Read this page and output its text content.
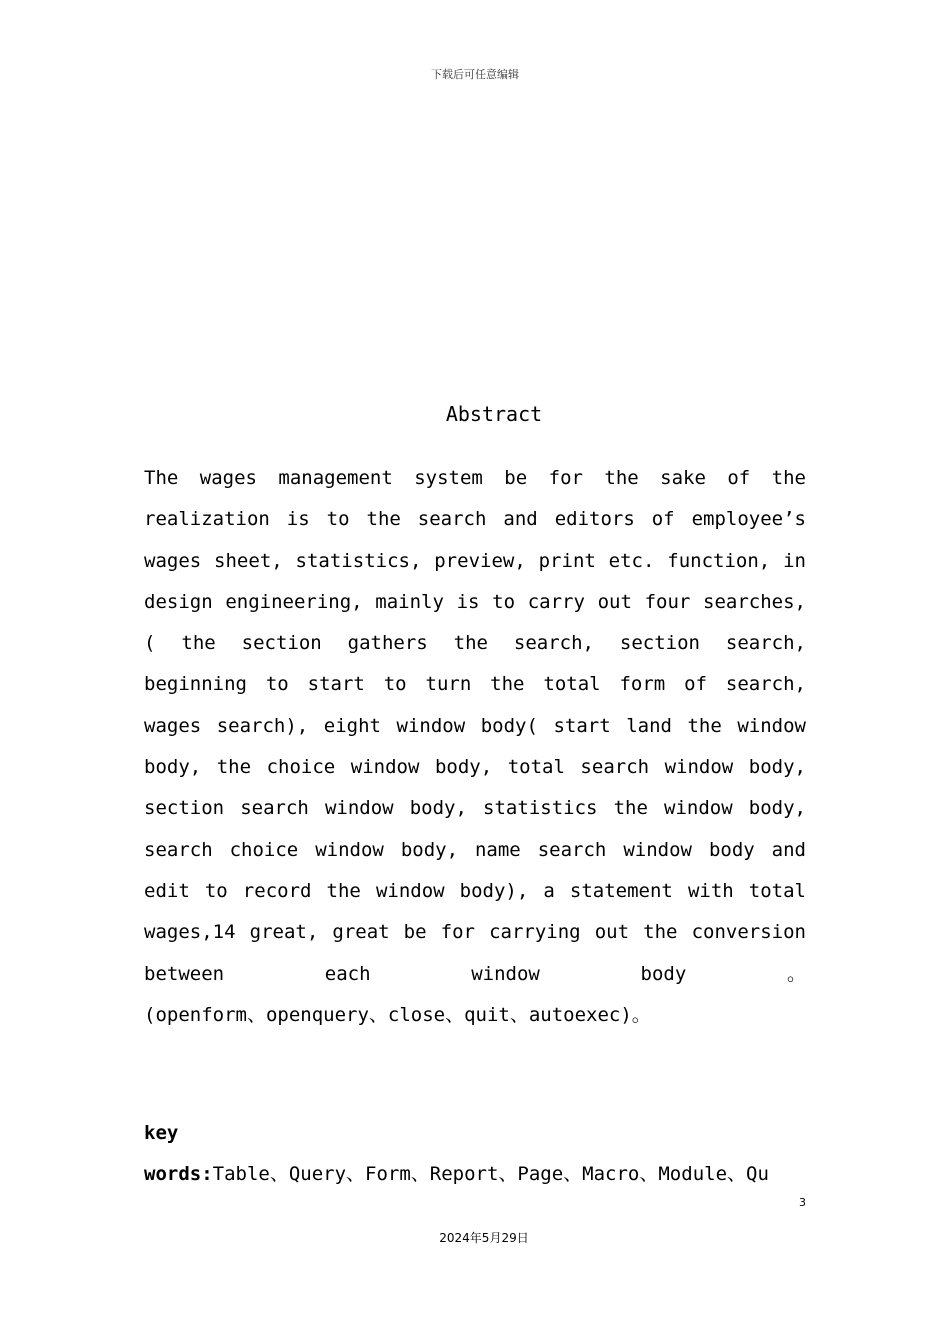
下载后可任意编辑
Abstract
The wages management system be for the sake of the
realization is to the search and editors of employee’s
wages sheet, statistics, preview, print etc. function, in
design engineering, mainly is to carry out four searches,
( the section gathers the search, section search,
beginning to start to turn the total form of search,
wages search), eight window body( start land the window
body, the choice window body, total search window body,
section search window body, statistics the window body,
search choice window body, name search window body and
edit to record the window body), a statement with total
wages,14 great, great be for carrying out the conversion
between each window body 。
(openform、openquery、close、quit、autoexec)。
key
words:Table、Query、Form、Report、Page、Macro、Module、Qu
3
2024年5月29日
